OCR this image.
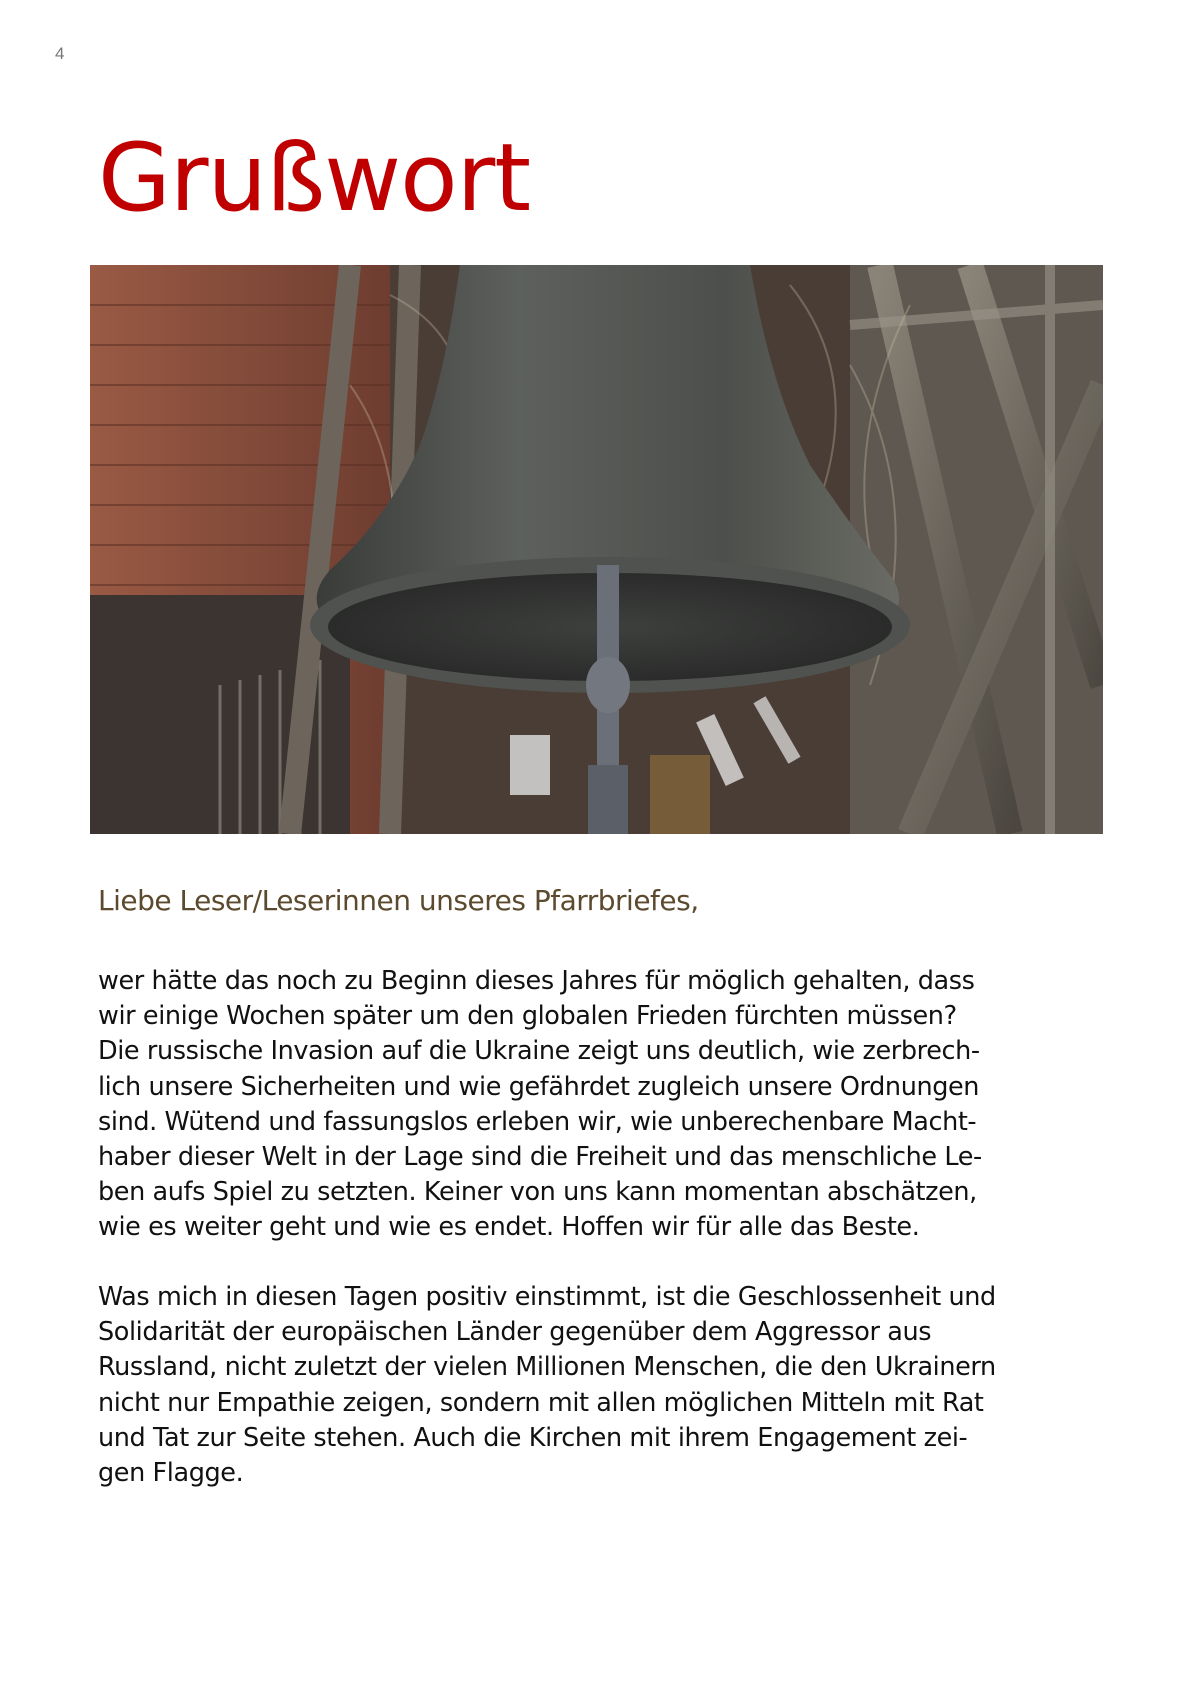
4
Grußwort
Liebe Leser/Leserinnen unseres Pfarrbriefes,

wer hätte das noch zu Beginn dieses Jahres für möglich gehalten, dass
wir einige Wochen später um den globalen Frieden fürchten müssen?
Die russische Invasion auf die Ukraine zeigt uns deutlich, wie zerbrech-
lich unsere Sicherheiten und wie gefährdet zugleich unsere Ordnungen
sind. Wütend und fassungslos erleben wir, wie unberechenbare Macht-
haber dieser Welt in der Lage sind die Freiheit und das menschliche Le-
ben aufs Spiel zu setzten. Keiner von uns kann momentan abschätzen,
wie es weiter geht und wie es endet. Hoffen wir für alle das Beste.

Was mich in diesen Tagen positiv einstimmt, ist die Geschlossenheit und
Solidarität der europäischen Länder gegenüber dem Aggressor aus
Russland, nicht zuletzt der vielen Millionen Menschen, die den Ukrainern
nicht nur Empathie zeigen, sondern mit allen möglichen Mitteln mit Rat
und Tat zur Seite stehen. Auch die Kirchen mit ihrem Engagement zei-
gen Flagge.
